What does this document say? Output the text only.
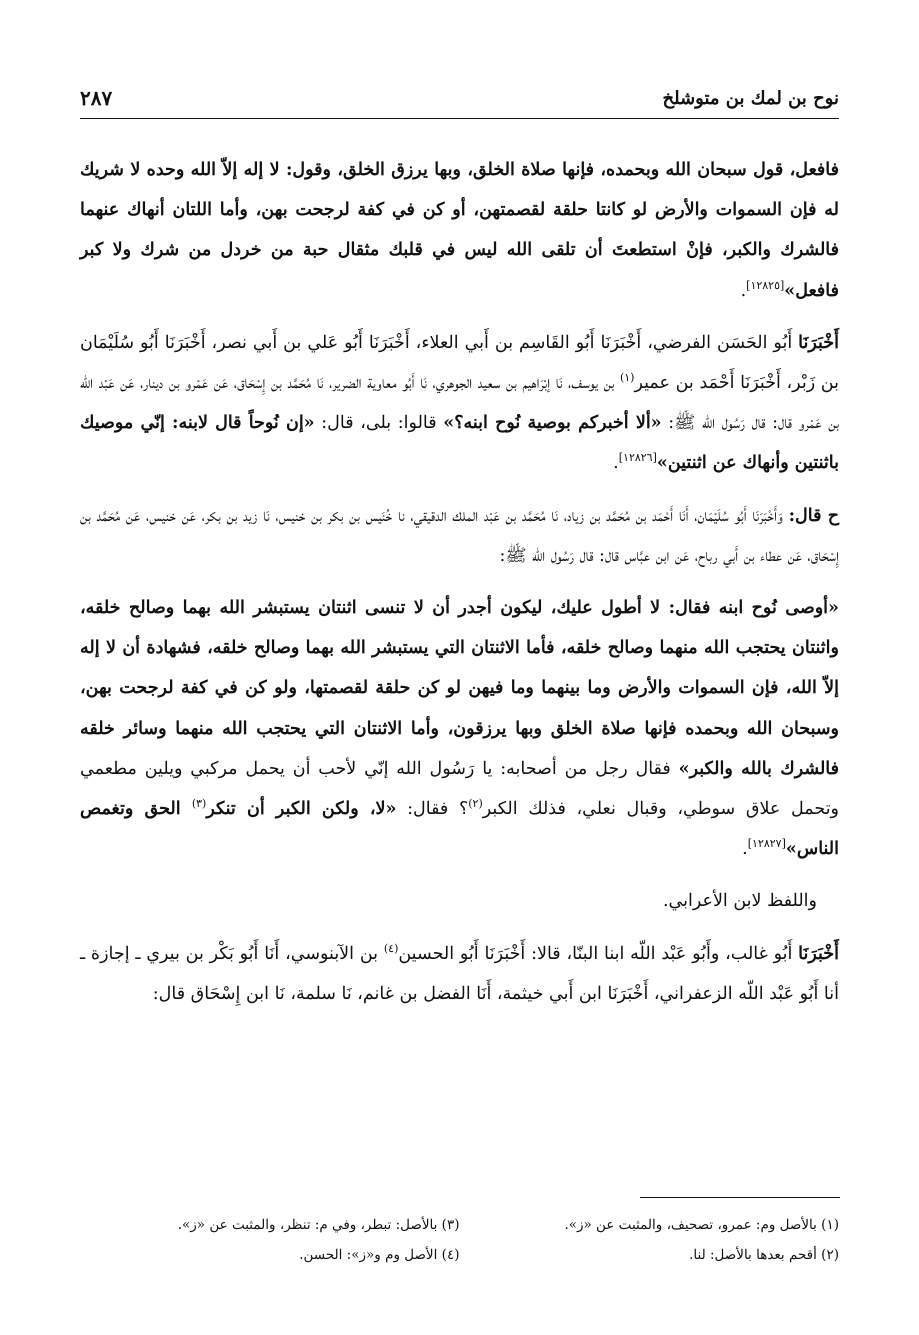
نوح بن لمك بن متوشلخ
٢٨٧

فافعل، قول سبحان الله وبحمده، فإنها صلاة الخلق، وبها يرزق الخلق، وقول: لا إله إلاّ الله وحده لا شريك له فإن السموات والأرض لو كانتا حلقة لقصمتهن، أو كن في كفة لرجحت بهن، وأما اللتان أنهاك عنهما فالشرك والكبر، فإنْ استطعتَ أن تلقى الله ليس في قلبك مثقال حبة من خردل من شرك ولا كبر فافعل»[١٢٨٢٥].

أَخْبَرَنَا أَبُو الحَسَن الفرضي، أَخْبَرَنَا أَبُو القَاسِم بن أَبي العلاء، أَخْبَرَنَا أَبُو عَلي بن أَبي نصر، أَخْبَرَنَا أَبُو سُلَيْمَان بن زَبْر، أَخْبَرَنَا أَحْمَد بن عمير$^{(١)}$ بن يوسف، نَا إبْرَاهيم بن سعيد الجوهري، نَا أَبُو معاوية الضرير، نَا مُحَمَّد بن إِسْحَاق، عَن عَمْرو بن دينار، عَن عَبْد اللّه بن عَمْرو قال: قال رَسُول الله ﷺ: «ألا أخبركم بوصية نُوح ابنه؟» قالوا: بلى، قال: «إن نُوحاً قال لابنه: إنّي موصيك باثنتين وأنهاك عن اثنتين»[١٢٨٢٦].

ح قال: وَأَخْبَرَنَا أَبُو سُلَيْمَان، أَنَا أَحْمَد بن مُحَمَّد بن زياد، نَا مُحَمَّد بن عَبْد الملك الدقيقي، نا خُنَيس بن بكر بن خنيس، نَا زيد بن بكر، عَن خنيس، عَن مُحَمَّد بن إِسْحَاق، عَن عطاء بن أَبي رباح، عَن ابن عبَّاس قال: قال رَسُول الله ﷺ:

«أوصى نُوح ابنه فقال: لا أطول عليك، ليكون أجدر أن لا تنسى اثنتان يستبشر الله بهما وصالح خلقه، واثنتان يحتجب الله منهما وصالح خلقه، فأما الاثنتان التي يستبشر الله بهما وصالح خلقه، فشهادة أن لا إله إلاّ الله، فإن السموات والأرض وما بينهما وما فيهن لو كن حلقة لقصمتها، ولو كن في كفة لرجحت بهن، وسبحان الله وبحمده فإنها صلاة الخلق وبها يرزقون، وأما الاثنتان التي يحتجب الله منهما وسائر خلقه فالشرك بالله والكبر» فقال رجل من أصحابه: يا رَسُول الله إنّي لأحب أن يحمل مركبي ويلين مطعمي وتحمل علاق سوطي، وقبال نعلي، فذلك الكبر$^{(٢)}$؟ فقال: «لا، ولكن الكبر أن تنكر$^{(٣)}$ الحق وتغمص الناس»[١٢٨٢٧].

واللفظ لابن الأعرابي.

أَخْبَرَنَا أَبُو غالب، وأَبُو عَبْد اللّه ابنا البنّا، قالا: أَخْبَرَنَا أَبُو الحسين$^{(٤)}$ بن الآبنوسي، أَنَا أَبُو بَكْر بن بيري ـ إجازة ـ أنا أَبُو عَبْد اللّه الزعفراني، أَخْبَرَنَا ابن أَبي خيثمة، أَنَا الفضل بن غانم، نَا سلمة، نَا ابن إِسْحَاق قال:

(١) بالأصل وم: عمرو، تصحيف، والمثبت عن «ز».
(٣) بالأصل: تبطر، وفي م: تنظر، والمثبت عن «ز».
(٢) أقحم بعدها بالأصل: لنا.
(٤) الأصل وم و«ز»: الحسن.
